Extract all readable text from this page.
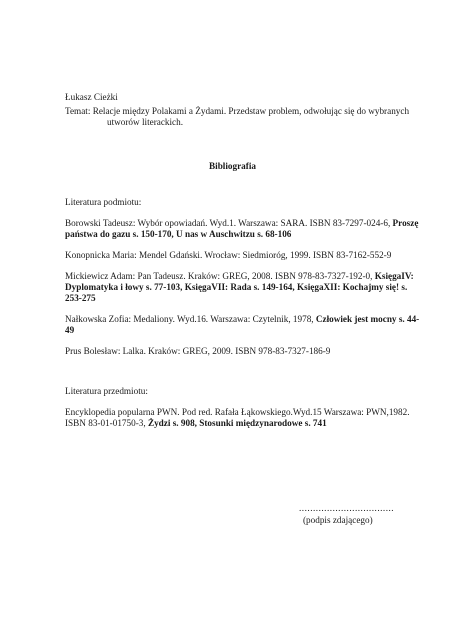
Łukasz Cieżki
Temat: Relacje między Polakami a Żydami. Przedstaw problem, odwołując się do wybranych
utworów literackich.
Bibliografia
Literatura podmiotu:
Borowski Tadeusz: Wybór opowiadań. Wyd.1. Warszawa: SARA. ISBN 83-7297-024-6, Proszę państwa do gazu s. 150-170, U nas w Auschwitzu s. 68-106
Konopnicka Maria: Mendel Gdański. Wrocław: Siedmioróg, 1999. ISBN 83-7162-552-9
Mickiewicz Adam: Pan Tadeusz. Kraków: GREG, 2008. ISBN 978-83-7327-192-0, KsięgaIV: Dyplomatyka i łowy s. 77-103, KsięgaVII: Rada s. 149-164, KsięgaXII: Kochajmy się! s. 253-275
Nałkowska Zofia: Medaliony. Wyd.16. Warszawa: Czytelnik, 1978, Człowiek jest mocny s. 44-49
Prus Bolesław: Lalka. Kraków: GREG, 2009. ISBN 978-83-7327-186-9
Literatura przedmiotu:
Encyklopedia popularna PWN. Pod red. Rafała Łąkowskiego.Wyd.15 Warszawa: PWN,1982. ISBN 83-01-01750-3, Żydzi s. 908, Stosunki międzynarodowe s. 741
..................................
(podpis zdającego)
